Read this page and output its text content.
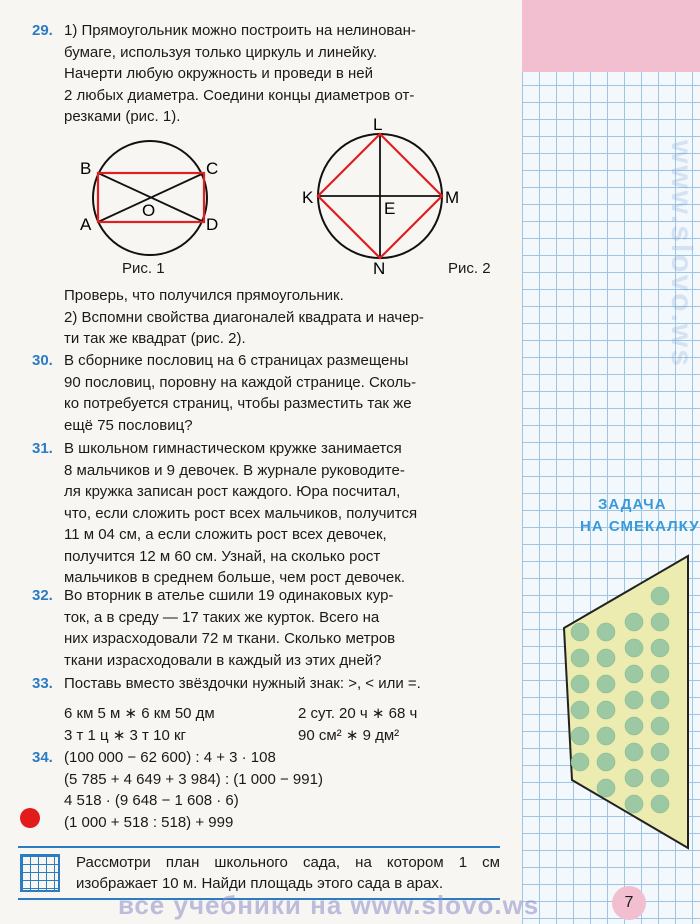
www.slovo.ws
29. 1) Прямоугольник можно построить на нелинован-
бумаге, используя только циркуль и линейку.
Начерти любую окружность и проведи в ней
2 любых диаметра. Соедини концы диаметров от-
резками (рис. 1).
B	C
A	D
O
Рис. 1
L
K	M
N
E
Рис. 2
Проверь, что получился прямоугольник.
2) Вспомни свойства диагоналей квадрата и начер-
ти так же квадрат (рис. 2).
30. В сборнике пословиц на 6 страницах размещены
90 пословиц, поровну на каждой странице. Сколь-
ко потребуется страниц, чтобы разместить так же
ещё 75 пословиц?
31. В школьном гимнастическом кружке занимается
8 мальчиков и 9 девочек. В журнале руководите-
ля кружка записан рост каждого. Юра посчитал,
что, если сложить рост всех мальчиков, получится
11 м 04 см, а если сложить рост всех девочек,
получится 12 м 60 см. Узнай, на сколько рост
мальчиков в среднем больше, чем рост девочек.
32. Во вторник в ателье сшили 19 одинаковых кур-
ток, а в среду — 17 таких же курток. Всего на
них израсходовали 72 м ткани. Сколько метров
ткани израсходовали в каждый из этих дней?
33. Поставь вместо звёздочки нужный знак: >, < или =.
6 км 5 м ∗ 6 км 50 дм
3 т 1 ц ∗ 3 т 10 кг
2 сут. 20 ч ∗ 68 ч
90 см² ∗ 9 дм²
34. (100 000 − 62 600) : 4 + 3 · 108
(5 785 + 4 649 + 3 984) : (1 000 − 991)
4 518 · (9 648 − 1 608 · 6)
(1 000 + 518 : 518) + 999
ЗАДАЧА
НА СМЕКАЛКУ
Рассмотри план школьного сада, на котором 1 см изображает 10 м. Найди площадь этого сада в арах.
все учебники на www.slovo.ws	7
